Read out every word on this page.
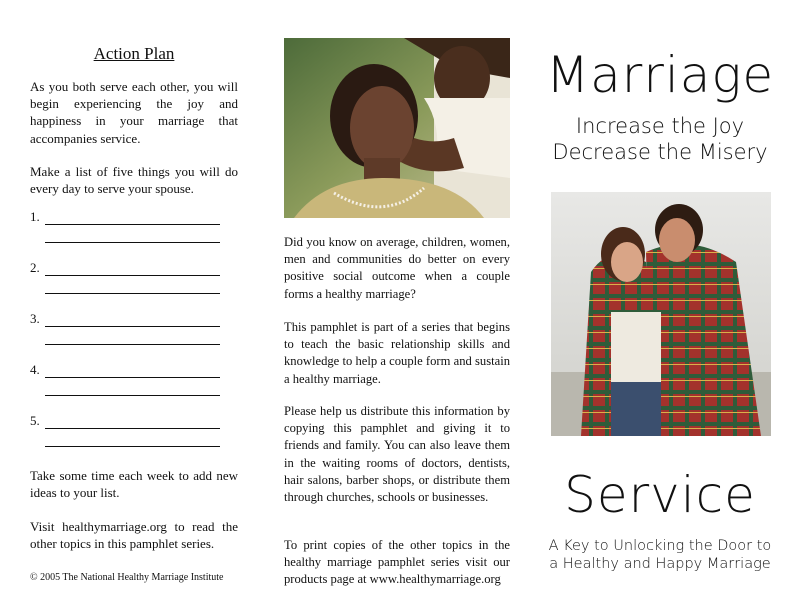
Action Plan

As you both serve each other, you will begin experiencing the joy and happiness in your marriage that accompanies service.

Make a list of five things you will do every day to serve your spouse.

1.
2.
3.
4.
5.

Take some time each week to add new ideas to your list.

Visit healthymarriage.org to read the other topics in this pamphlet series.

© 2005 The National Healthy Marriage Institute

Did you know on average, children, women, men and communities do better on every positive social outcome when a couple forms a healthy marriage?

This pamphlet is part of a series that begins to teach the basic relationship skills and knowledge to help a couple form and sustain a healthy marriage.

Please help us distribute this information by copying this pamphlet and giving it to friends and family. You can also leave them in the waiting rooms of doctors, dentists, hair salons, barber shops, or distribute them through churches, schools or businesses.

To print copies of the other topics in the healthy marriage pamphlet series visit our products page at www.healthymarriage.org

Marriage
Increase the Joy
Decrease the Misery
Service
A Key to Unlocking the Door to
a Healthy and Happy Marriage
